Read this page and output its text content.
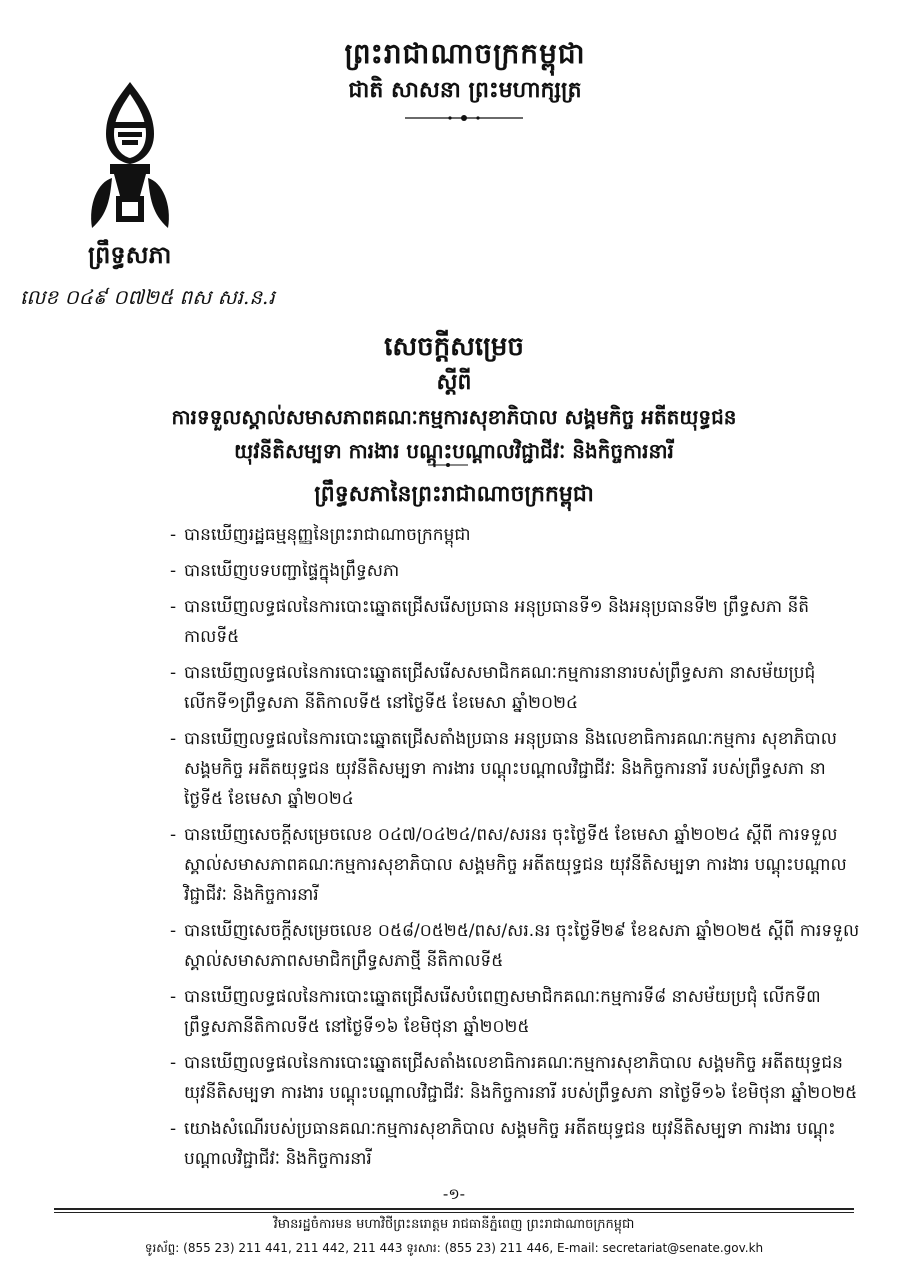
ព្រះរាជាណាចក្រកម្ពុជា
ជាតិ សាសនា ព្រះមហាក្សត្រ
ព្រឹទ្ធសភា
លេខ ០៤៩ ០៧២៥ ពស សរ.ន.រ
សេចក្ដីសម្រេច
ស្ដីពី
ការទទួលស្គាល់សមាសភាពគណៈកម្មការសុខាភិបាល សង្គមកិច្ច អតីតយុទ្ធជន
យុវនីតិសម្បទា ការងារ បណ្ដុះបណ្ដាលវិជ្ជាជីវៈ និងកិច្ចការនារី
ព្រឹទ្ធសភានៃព្រះរាជាណាចក្រកម្ពុជា
- បានឃើញរដ្ឋធម្មនុញ្ញនៃព្រះរាជាណាចក្រកម្ពុជា
- បានឃើញបទបញ្ជាផ្ទៃក្នុងព្រឹទ្ធសភា
- បានឃើញលទ្ធផលនៃការបោះឆ្នោតជ្រើសរើសប្រធាន អនុប្រធានទី១ និងអនុប្រធានទី២ ព្រឹទ្ធសភា នីតិកាលទី៥
- បានឃើញលទ្ធផលនៃការបោះឆ្នោតជ្រើសរើសសមាជិកគណៈកម្មការនានារបស់ព្រឹទ្ធសភា នាសម័យប្រជុំលើកទី១ព្រឹទ្ធសភា នីតិកាលទី៥ នៅថ្ងៃទី៥ ខែមេសា ឆ្នាំ២០២៤
- បានឃើញលទ្ធផលនៃការបោះឆ្នោតជ្រើសតាំងប្រធាន អនុប្រធាន និងលេខាធិការគណៈកម្មការ សុខាភិបាល សង្គមកិច្ច អតីតយុទ្ធជន យុវនីតិសម្បទា ការងារ បណ្ដុះបណ្ដាលវិជ្ជាជីវៈ និងកិច្ចការនារី របស់ព្រឹទ្ធសភា នាថ្ងៃទី៥ ខែមេសា ឆ្នាំ២០២៤
- បានឃើញសេចក្ដីសម្រេចលេខ ០៤៧/០៤២៤/ពស/សរនរ ចុះថ្ងៃទី៥ ខែមេសា ឆ្នាំ២០២៤ ស្ដីពី ការទទួលស្គាល់សមាសភាពគណៈកម្មការសុខាភិបាល សង្គមកិច្ច អតីតយុទ្ធជន យុវនីតិសម្បទា ការងារ បណ្ដុះបណ្ដាលវិជ្ជាជីវៈ និងកិច្ចការនារី
- បានឃើញសេចក្ដីសម្រេចលេខ ០៥៨/០៥២៥/ពស/សរ.នរ ចុះថ្ងៃទី២៩ ខែឧសភា ឆ្នាំ២០២៥ ស្ដីពី ការទទួលស្គាល់សមាសភាពសមាជិកព្រឹទ្ធសភាថ្មី នីតិកាលទី៥
- បានឃើញលទ្ធផលនៃការបោះឆ្នោតជ្រើសរើសបំពេញសមាជិកគណៈកម្មការទី៨ នាសម័យប្រជុំ លើកទី៣ ព្រឹទ្ធសភានីតិកាលទី៥ នៅថ្ងៃទី១៦ ខែមិថុនា ឆ្នាំ២០២៥
- បានឃើញលទ្ធផលនៃការបោះឆ្នោតជ្រើសតាំងលេខាធិការគណៈកម្មការសុខាភិបាល សង្គមកិច្ច អតីតយុទ្ធជន យុវនីតិសម្បទា ការងារ បណ្ដុះបណ្ដាលវិជ្ជាជីវៈ និងកិច្ចការនារី របស់ព្រឹទ្ធសភា នាថ្ងៃទី១៦ ខែមិថុនា ឆ្នាំ២០២៥
- យោងសំណើរបស់ប្រធានគណៈកម្មការសុខាភិបាល សង្គមកិច្ច អតីតយុទ្ធជន យុវនីតិសម្បទា ការងារ បណ្ដុះបណ្ដាលវិជ្ជាជីវៈ និងកិច្ចការនារី
-១-
វិមានរដ្ឋចំការមន មហាវិថីព្រះនរោត្ដម រាជធានីភ្នំពេញ ព្រះរាជាណាចក្រកម្ពុជា
ទូរស័ព្ទ: (855 23) 211 441, 211 442, 211 443 ទូរសារ: (855 23) 211 446, E-mail: secretariat@senate.gov.kh
